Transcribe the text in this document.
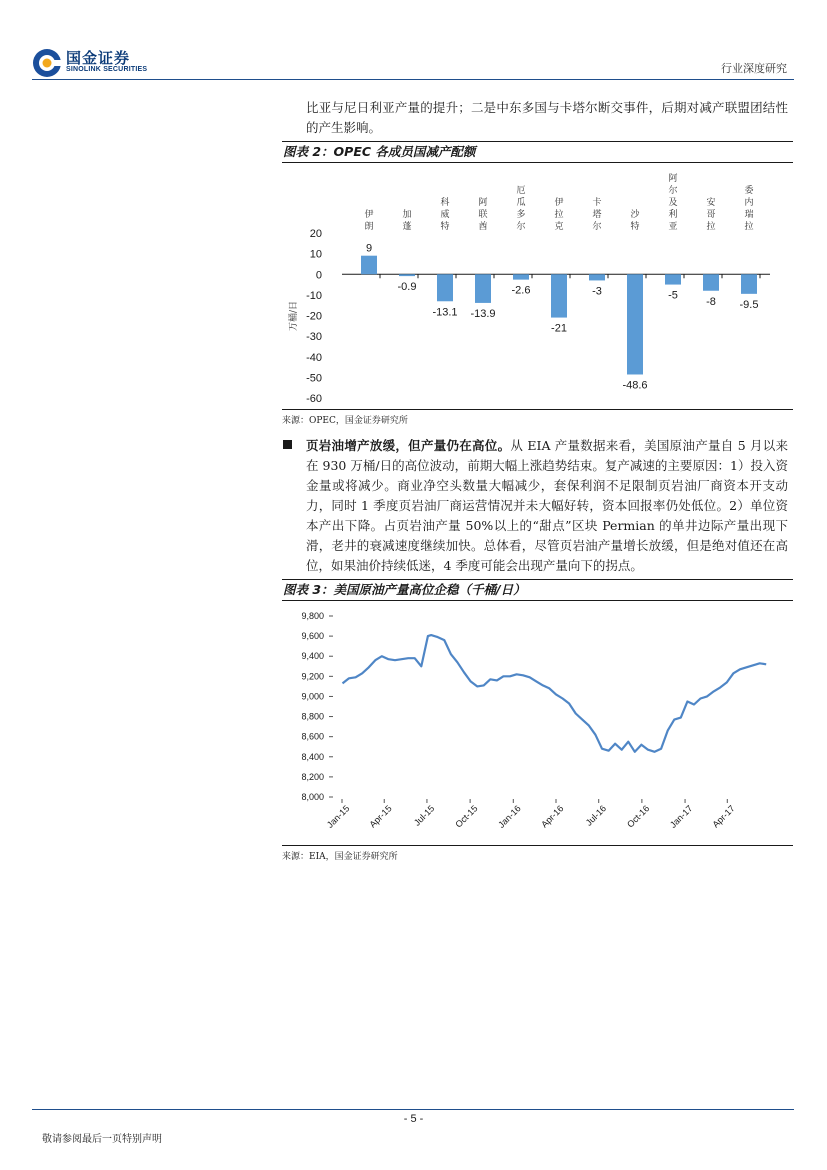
国金证券
SINOLINK SECURITIES	行业深度研究
比亚与尼日利亚产量的提升；二是中东多国与卡塔尔断交事件，后期对减产联盟团结性的产生影响。
图表 2：OPEC 各成员国减产配额
20
10
0
-10
-20
-30
-40
-50
-60
万桶/日
9
伊朗
-0.9
加蓬
-13.1
科威特
-13.9
阿联酋
-2.6
厄瓜多尔
-21
伊拉克
-3
卡塔尔
-48.6
沙特
-5
阿尔及利亚
-8
安哥拉
-9.5
委内瑞拉
来源：OPEC，国金证券研究所
页岩油增产放缓，但产量仍在高位。从 EIA 产量数据来看，美国原油产量自 5 月以来在 930 万桶/日的高位波动，前期大幅上涨趋势结束。复产减速的主要原因：1）投入资金量或将减少。商业净空头数量大幅减少，套保利润不足限制页岩油厂商资本开支动力，同时 1 季度页岩油厂商运营情况并未大幅好转，资本回报率仍处低位。2）单位资本产出下降。占页岩油产量 50%以上的“甜点”区块 Permian 的单井边际产量出现下滑，老井的衰减速度继续加快。总体看，尽管页岩油产量增长放缓，但是绝对值还在高位，如果油价持续低迷，4 季度可能会出现产量向下的拐点。
图表 3：美国原油产量高位企稳（千桶/日）
9,800
9,600
9,400
9,200
9,000
8,800
8,600
8,400
8,200
8,000
Jan-15 Apr-15 Jul-15 Oct-15 Jan-16 Apr-16 Jul-16 Oct-16 Jan-17 Apr-17
来源：EIA，国金证券研究所
- 5 -
敬请参阅最后一页特别声明
